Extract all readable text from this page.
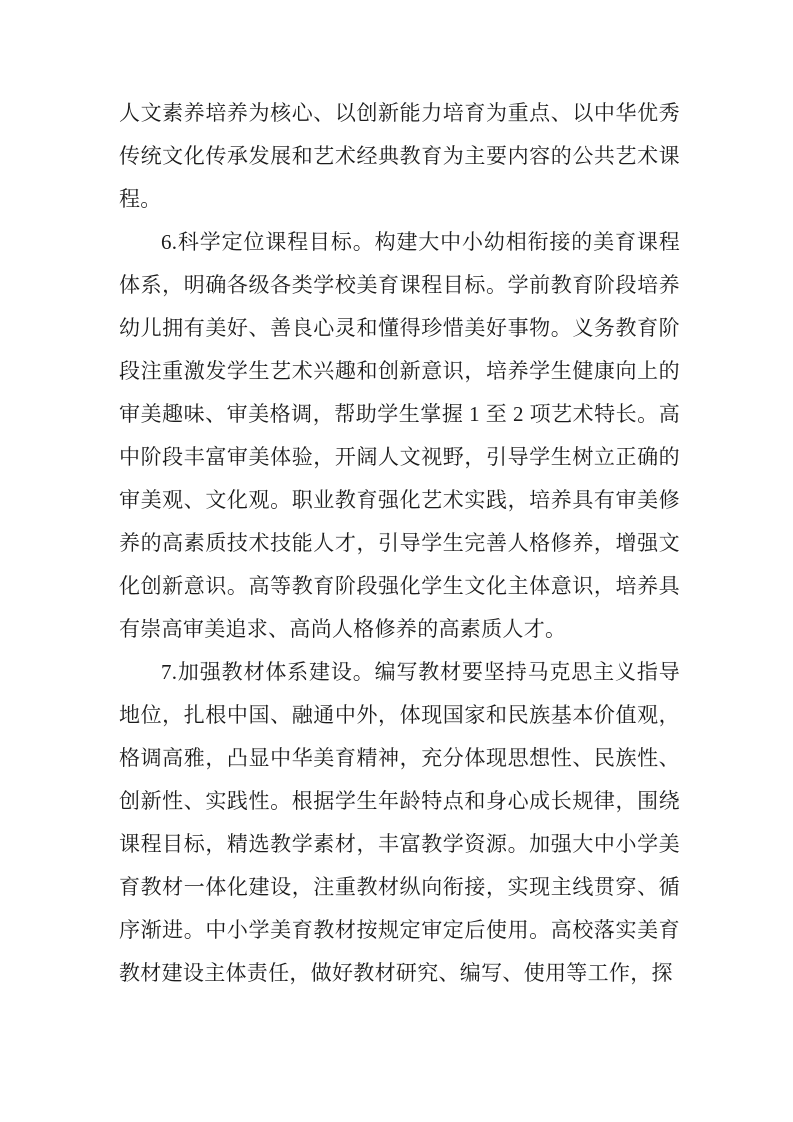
人文素养培养为核心、以创新能力培育为重点、以中华优秀传统文化传承发展和艺术经典教育为主要内容的公共艺术课程。

6.科学定位课程目标。构建大中小幼相衔接的美育课程体系，明确各级各类学校美育课程目标。学前教育阶段培养幼儿拥有美好、善良心灵和懂得珍惜美好事物。义务教育阶段注重激发学生艺术兴趣和创新意识，培养学生健康向上的审美趣味、审美格调，帮助学生掌握 1 至 2 项艺术特长。高中阶段丰富审美体验，开阔人文视野，引导学生树立正确的审美观、文化观。职业教育强化艺术实践，培养具有审美修养的高素质技术技能人才，引导学生完善人格修养，增强文化创新意识。高等教育阶段强化学生文化主体意识，培养具有崇高审美追求、高尚人格修养的高素质人才。

7.加强教材体系建设。编写教材要坚持马克思主义指导地位，扎根中国、融通中外，体现国家和民族基本价值观，格调高雅，凸显中华美育精神，充分体现思想性、民族性、创新性、实践性。根据学生年龄特点和身心成长规律，围绕课程目标，精选教学素材，丰富教学资源。加强大中小学美育教材一体化建设，注重教材纵向衔接，实现主线贯穿、循序渐进。中小学美育教材按规定审定后使用。高校落实美育教材建设主体责任，做好教材研究、编写、使用等工作，探
